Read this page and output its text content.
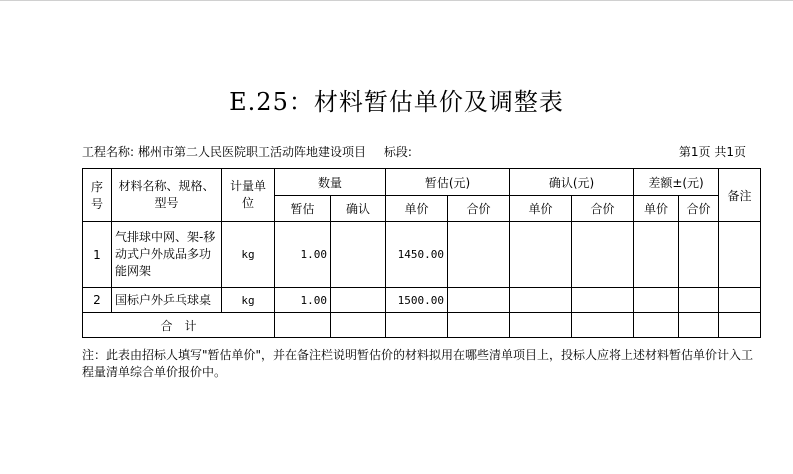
E.25：材料暂估单价及调整表
工程名称: 郴州市第二人民医院职工活动阵地建设项目 标段:	第1页 共1页
序号	材料名称、规格、型号	计量单位	数量		暂估(元)		确认(元)		差额±(元)		备注
			暂估	确认	单价	合价	单价	合价	单价	合价	
1	气排球中网、架-移动式户外成品多功能网架	kg	1.00		1450.00						
2	国标户外乒乓球桌	kg	1.00		1500.00						
合　计											
注：此表由招标人填写"暂估单价"，并在备注栏说明暂估价的材料拟用在哪些清单项目上，投标人应将上述材料暂估单价计入工程量清单综合单价报价中。
